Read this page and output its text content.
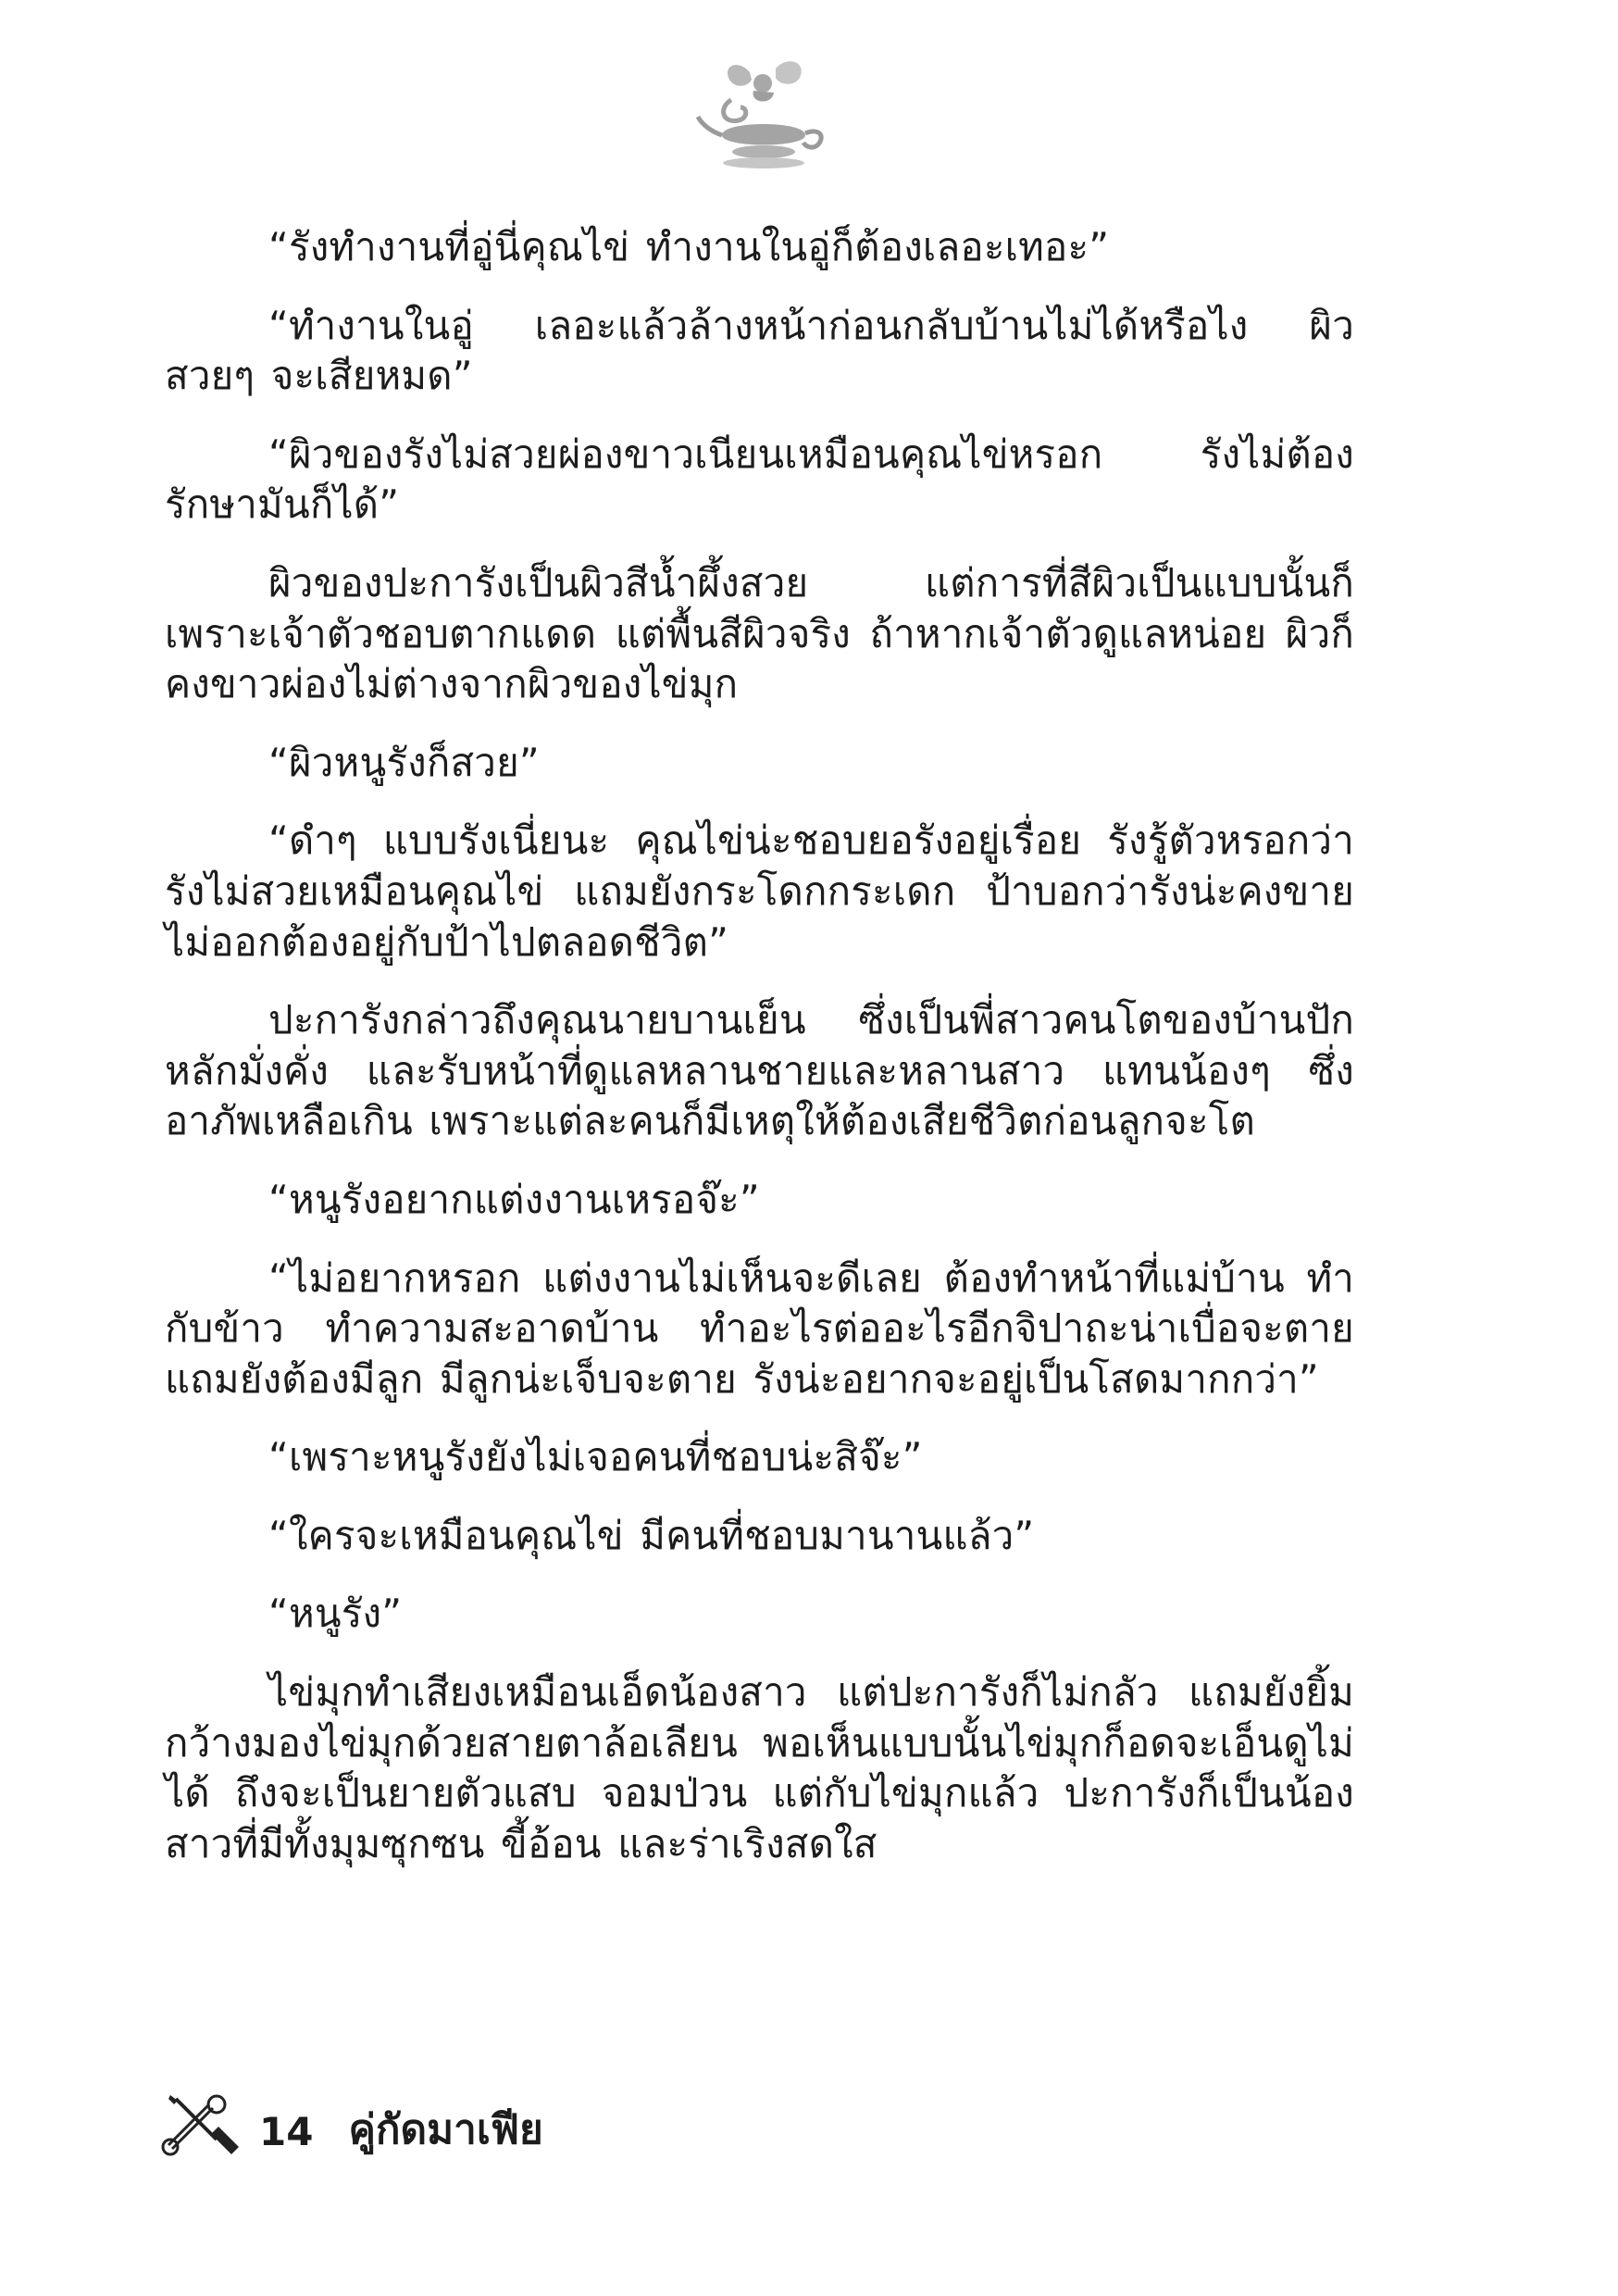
“รังทำงานที่อู่นี่คุณไข่ ทำงานในอู่ก็ต้องเลอะเทอะ”

“ทำงานในอู่ เลอะแล้วล้างหน้าก่อนกลับบ้านไม่ได้หรือไง ผิวสวยๆ จะเสียหมด”

“ผิวของรังไม่สวยผ่องขาวเนียนเหมือนคุณไข่หรอก รังไม่ต้องรักษามันก็ได้”

ผิวของปะการังเป็นผิวสีน้ำผึ้งสวย แต่การที่สีผิวเป็นแบบนั้นก็เพราะเจ้าตัวชอบตากแดด แต่พื้นสีผิวจริง ถ้าหากเจ้าตัวดูแลหน่อย ผิวก็คงขาวผ่องไม่ต่างจากผิวของไข่มุก

“ผิวหนูรังก็สวย”

“ดำๆ แบบรังเนี่ยนะ คุณไข่น่ะชอบยอรังอยู่เรื่อย รังรู้ตัวหรอกว่ารังไม่สวยเหมือนคุณไข่ แถมยังกระโดกกระเดก ป้าบอกว่ารังน่ะคงขายไม่ออกต้องอยู่กับป้าไปตลอดชีวิต”

ปะการังกล่าวถึงคุณนายบานเย็น ซึ่งเป็นพี่สาวคนโตของบ้านปักหลักมั่งคั่ง และรับหน้าที่ดูแลหลานชายและหลานสาว แทนน้องๆ ซึ่งอาภัพเหลือเกิน เพราะแต่ละคนก็มีเหตุให้ต้องเสียชีวิตก่อนลูกจะโต

“หนูรังอยากแต่งงานเหรอจ๊ะ”

“ไม่อยากหรอก แต่งงานไม่เห็นจะดีเลย ต้องทำหน้าที่แม่บ้าน ทำกับข้าว ทำความสะอาดบ้าน ทำอะไรต่ออะไรอีกจิปาถะน่าเบื่อจะตาย แถมยังต้องมีลูก มีลูกน่ะเจ็บจะตาย รังน่ะอยากจะอยู่เป็นโสดมากกว่า”

“เพราะหนูรังยังไม่เจอคนที่ชอบน่ะสิจ๊ะ”

“ใครจะเหมือนคุณไข่ มีคนที่ชอบมานานแล้ว”

“หนูรัง”

ไข่มุกทำเสียงเหมือนเอ็ดน้องสาว แต่ปะการังก็ไม่กลัว แถมยังยิ้มกว้างมองไข่มุกด้วยสายตาล้อเลียน พอเห็นแบบนั้นไข่มุกก็อดจะเอ็นดูไม่ได้ ถึงจะเป็นยายตัวแสบ จอมป่วน แต่กับไข่มุกแล้ว ปะการังก็เป็นน้องสาวที่มีทั้งมุมซุกซน ขี้อ้อน และร่าเริงสดใส

14 คู่กัดมาเฟีย
